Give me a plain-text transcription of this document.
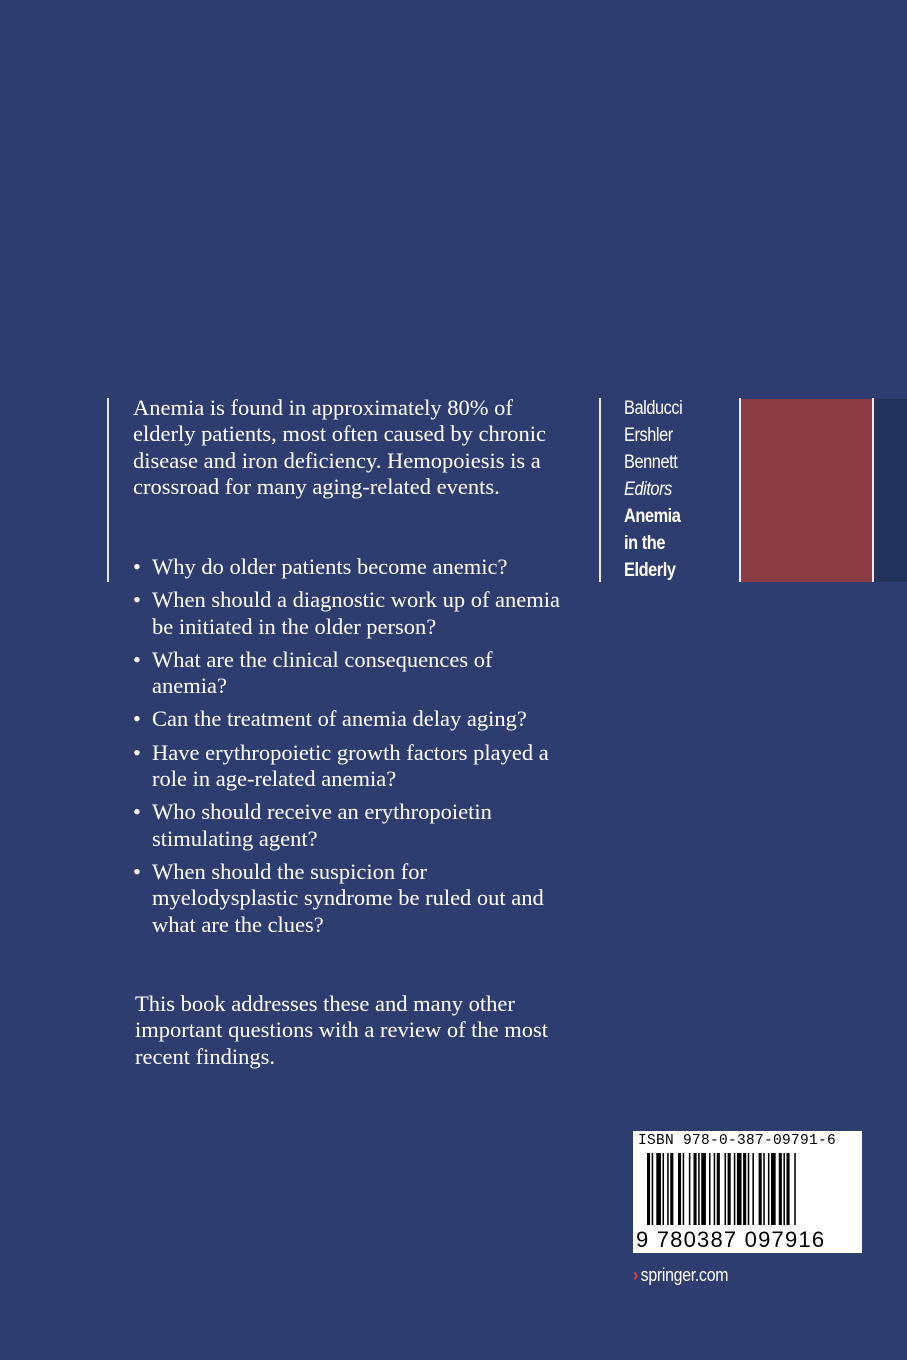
Anemia is found in approximately 80% of elderly patients, most often caused by chronic disease and iron deficiency. Hemopoiesis is a crossroad for many aging-related events.

• Why do older patients become anemic?
• When should a diagnostic work up of anemia be initiated in the older person?
• What are the clinical consequences of anemia?
• Can the treatment of anemia delay aging?
• Have erythropoietic growth factors played a role in age-related anemia?
• Who should receive an erythropoietin stimulating agent?
• When should the suspicion for myelodysplastic syndrome be ruled out and what are the clues?

This book addresses these and many other important questions with a review of the most recent findings.

Balducci
Ershler
Bennett
Editors
Anemia
in the
Elderly
ISBN 978-0-387-09791-6
9 780387 097916
› springer.com
